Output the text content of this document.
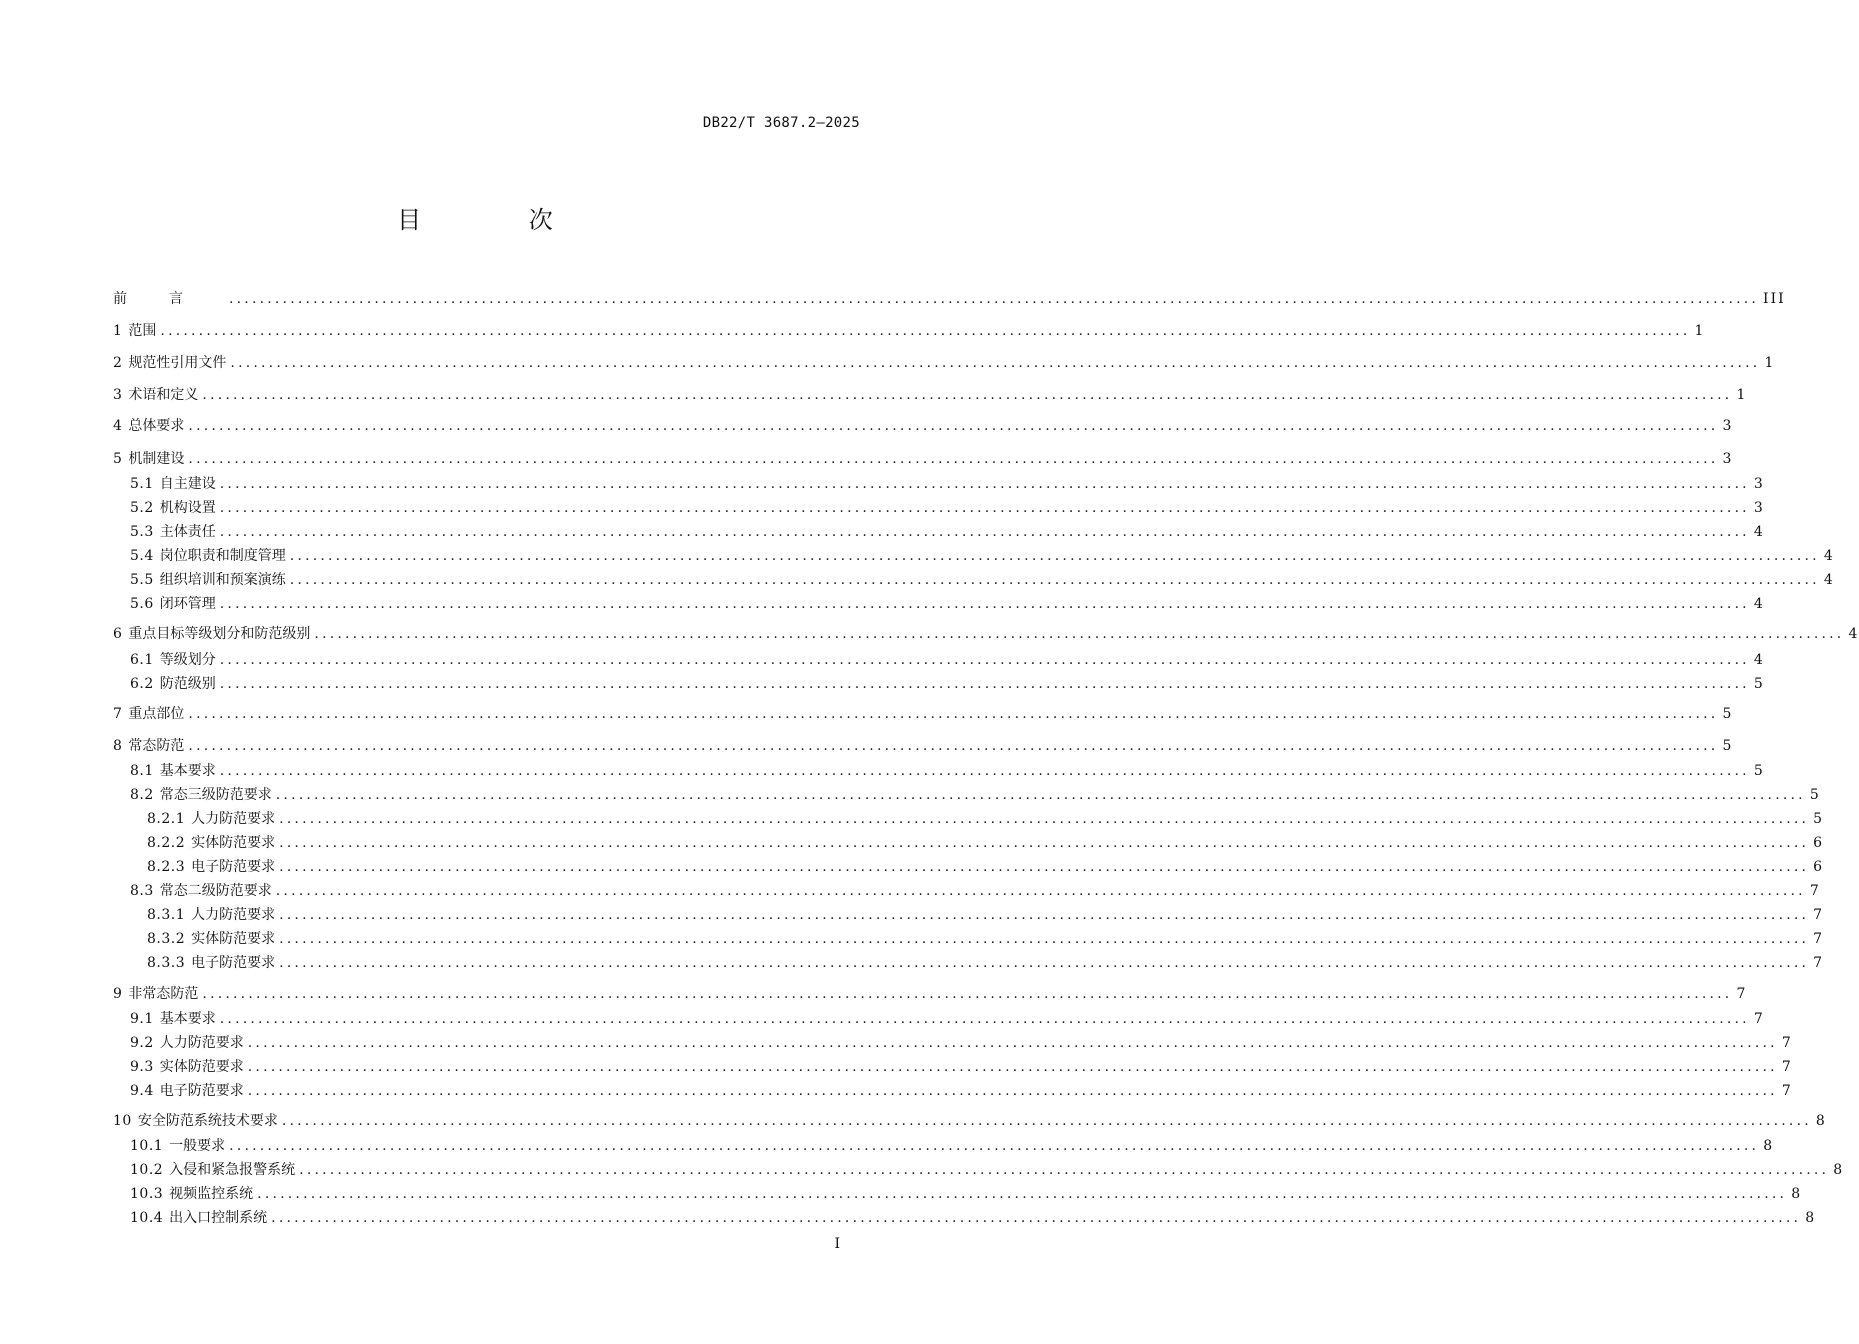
DB22/T 3687.2—2025
目 次
前言 ........................................................................................................................................................................................................ III
1 范围 ........................................................................................................................................................................................................ 1
2 规范性引用文件 ........................................................................................................................................................................................................ 1
3 术语和定义 ........................................................................................................................................................................................................ 1
4 总体要求 ........................................................................................................................................................................................................ 3
5 机制建设 ........................................................................................................................................................................................................ 3
5.1 自主建设 ........................................................................................................................................................................................................ 3
5.2 机构设置 ........................................................................................................................................................................................................ 3
5.3 主体责任 ........................................................................................................................................................................................................ 4
5.4 岗位职责和制度管理 ........................................................................................................................................................................................................ 4
5.5 组织培训和预案演练 ........................................................................................................................................................................................................ 4
5.6 闭环管理 ........................................................................................................................................................................................................ 4
6 重点目标等级划分和防范级别 ........................................................................................................................................................................................................ 4
6.1 等级划分 ........................................................................................................................................................................................................ 4
6.2 防范级别 ........................................................................................................................................................................................................ 5
7 重点部位 ........................................................................................................................................................................................................ 5
8 常态防范 ........................................................................................................................................................................................................ 5
8.1 基本要求 ........................................................................................................................................................................................................ 5
8.2 常态三级防范要求 ........................................................................................................................................................................................................ 5
8.2.1 人力防范要求 ........................................................................................................................................................................................................ 5
8.2.2 实体防范要求 ........................................................................................................................................................................................................ 6
8.2.3 电子防范要求 ........................................................................................................................................................................................................ 6
8.3 常态二级防范要求 ........................................................................................................................................................................................................ 7
8.3.1 人力防范要求 ........................................................................................................................................................................................................ 7
8.3.2 实体防范要求 ........................................................................................................................................................................................................ 7
8.3.3 电子防范要求 ........................................................................................................................................................................................................ 7
9 非常态防范 ........................................................................................................................................................................................................ 7
9.1 基本要求 ........................................................................................................................................................................................................ 7
9.2 人力防范要求 ........................................................................................................................................................................................................ 7
9.3 实体防范要求 ........................................................................................................................................................................................................ 7
9.4 电子防范要求 ........................................................................................................................................................................................................ 7
10 安全防范系统技术要求 ........................................................................................................................................................................................................ 8
10.1 一般要求 ........................................................................................................................................................................................................ 8
10.2 入侵和紧急报警系统 ........................................................................................................................................................................................................ 8
10.3 视频监控系统 ........................................................................................................................................................................................................ 8
10.4 出入口控制系统 ........................................................................................................................................................................................................ 8
I
